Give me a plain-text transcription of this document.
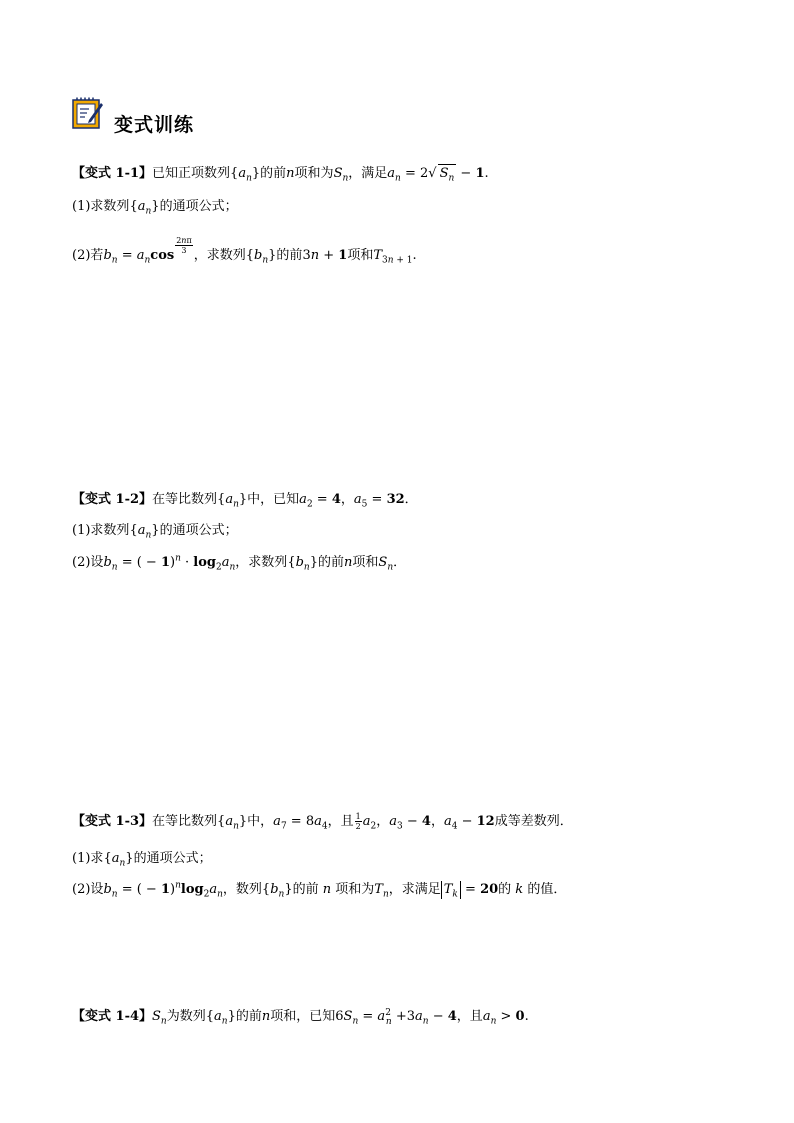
变式训练
【变式 1-1】已知正项数列$\{a_n\}$的前n项和为$S_n$，满足$a_n = 2√$ $S_n - 1$.
(1)求数列$\{a_n\}$的通项公式；
(2)若$b_n = a_n\cos$
$\frac{2n\pi}{3}$
，求数列$\{b_n\}$的前3n + 1项和$T_{3n + 1}$.
【变式 1-2】在等比数列$\{a_n\}$中，已知$a_2 = 4$，$a_5 = 32$．
(1)求数列$\{a_n\}$的通项公式；
(2)设$b_n$ = ( − $1)^n \cdot \log_2a_n$，求数列$\{b_n\}$的前n项和$S_n$．
【变式 1-3】在等比数列$\{a_n\}$中，$a_7 = 8a_4$，且 $\frac{1}{2} a_2$，$a_3 - 4$，$a_4 - 12$成等差数列．
(1)求$\{a_n\}$的通项公式；
(2)设$b_n$ = ( − $1)^n\log_2a_n$，数列$\{b_n\}$的前 n 项和为$T_n$，求满足 $T_k = 20$的 k 的值．
【变式 1-4】$S_n$为数列$\{a_n\}$的前n项和，已知$6S_n = a^2_n +3a_n - 4$，且$a_n > 0$.
